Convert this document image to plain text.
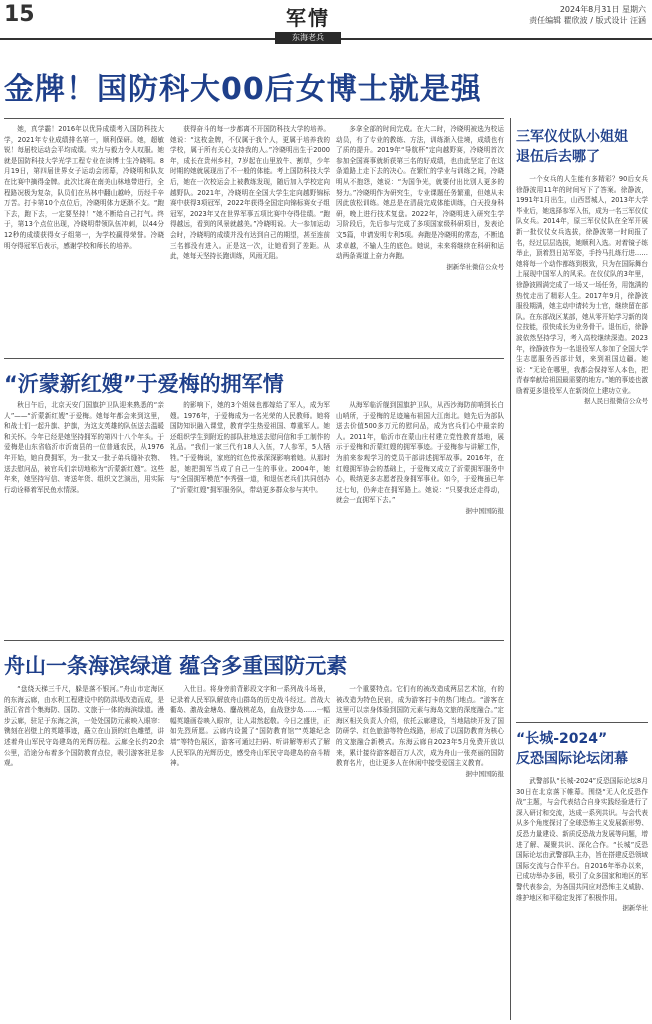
15	军情
东海老兵
2024年8月31日 星期六
责任编辑 瞿欣波 / 版式设计 汪涵
金牌！国防科大00后女博士就是强

她，真学霸！2016年以优异成绩考入国防科技大学，2021年专业成绩排名第一，顺利保研。她，超敏锐！每届校运动会平均成绩。实力与毅力令人叹服。她就是国防科技大学光学工程专业在读博士生冷晓明。8月19日，第四届世界女子运动会闭幕，冷晓明和队友在比赛中摘得金牌。此次比赛在南美山林地带进行，全程路况极为复杂，队员们在丛林中翻山越岭，历经千辛万苦。打卡第10个点位后，冷晓明体力逐渐不支。“跑下去，跑下去，一定要坚持！”她不断给自己打气。终于，第13个点位出现，冷晓明带领队伍冲刺，以44分12秒的成绩获得女子组第一，为学校赢得荣誉。冷晓明夺得冠军后表示，感谢学校和师长的培养。

获得奋斗的每一步都离不开国防科技大学的培养。她说：“这枚金牌，不仅属于我个人，更属于培养我的学校，属于所有关心支持我的人。”冷晓明出生于2000年，成长在贵州乡村，7岁起在山里放牛、割草，少年时期的她就展现出了不一般的体能。考上国防科技大学后，她在一次校运会上被教练发现，随后加入学校定向越野队。2021年，冷晓明在全国大学生定向越野锦标赛中获得3项冠军，2022年获得全国定向锦标赛女子组冠军，2023年又在世界军事五项比赛中夺得佳绩。“跑得越远，看到的风景就越美。”冷晓明说。大一参加运动会时，冷晓明的成绩并没有达到自己的期望，甚至连前三名都没有进入。正是这一次，让她看到了差距。从此，她每天坚持长跑训练，风雨无阻。

多拿全部的时间完成。在大二时，冷晓明被选为校运动员，有了专业的教练、方法，训练渐入佳境，成绩也有了质的提升。2019年“导航杯”定向越野赛，冷晓明首次参加全国赛事就斩获第三名的好成绩，也由此坚定了在这条道路上走下去的决心。在繁忙的学业与训练之间，冷晓明从不抱怨，她说：“为国争光，就要付出比别人更多的努力。”冷晓明作为研究生，专业课题任务繁重，但她从未因此放松训练。她总是在清晨完成体能训练，白天投身科研，晚上进行技术复盘。2022年，冷晓明进入研究生学习阶段后，先后参与完成了多项国家级科研项目，发表论文5篇，申请发明专利5项。奔跑是冷晓明的常态，不断追求卓越，不输人生的底色。她说，未来将继续在科研和运动两条赛道上奋力奔跑。

据新华社微信公众号
“沂蒙新红嫂”于爱梅的拥军情

秋日午后，北京天安门国旗护卫队迎来熟悉的“亲人”——“沂蒙新红嫂”于爱梅。她每年都会来到这里，和战士们一起升旗、护旗，为这支英雄的队伍送去温暖和关怀。今年已经是她坚持拥军的第四十八个年头。于爱梅是山东省临沂市沂南县的一位普通农民，从1976年开始，她自费拥军，为一批又一批子弟兵缝补衣物、送去慰问品，被官兵们亲切地称为“沂蒙新红嫂”。这些年来，她坚持写信、寄送年货、组织文艺演出，用实际行动诠释着军民鱼水情深。

的影响下，她的3个姐妹也都嫁给了军人，成为军嫂。1976年，于爱梅成为一名光荣的人民教师。她将国防知识融入课堂，教育学生热爱祖国、尊重军人。她还组织学生到附近的部队驻地送去慰问信和手工制作的礼品。“我们一家三代有18人入伍，7人参军，5人牺牲。”于爱梅说，家庭的红色传承深深影响着她。从那时起，她把拥军当成了自己一生的事业。2004年，她与“全国拥军模范”李秀强一道，和退伍老兵们共同创办了“沂蒙红嫂”拥军服务队，带动更多群众参与其中。

从海军临沂舰到国旗护卫队，从西沙海防前哨到长白山哨所，于爱梅的足迹遍布祖国大江南北。她先后为部队送去价值500多万元的慰问品，成为官兵们心中最亲的人。2011年，临沂市在蒙山庄村建立党性教育基地，展示于爱梅和沂蒙红嫂的拥军事迹。于爱梅参与讲解工作，为前来参观学习的党员干部讲述拥军故事。2016年，在红嫂拥军协会的基础上，于爱梅又成立了沂蒙拥军服务中心，吸纳更多志愿者投身拥军事业。如今，于爱梅虽已年过七旬，仍奔走在拥军路上。她说：“只要我还走得动，就会一直拥军下去。”

据中国国防报
舟山一条海滨绿道 蕴含多重国防元素

“盘绕天梯三千尺，躲是落不银河。”舟山市定海区的东海云廊，由水利工程建设中的防洪堤改造而成，是浙江省首个集海防、国防、文旅于一体的海滨绿道。漫步云廊，驻足于东海之滨，一处处国防元素映入眼帘：镌刻在岩壁上的英雄事迹，矗立在山顶的红色雕塑，讲述着舟山军民守岛建岛的光辉历程。云廊全长约20余公里，沿途分布着多个国防教育点位，吸引游客驻足参观。

入仕目。将身旁前背影段文字和一系列战斗场景，记录着人民军队解放舟山群岛的历史战斗经过。首战大衢岛、激战金塘岛、鏖战桃花岛，血战登步岛……一幅幅英雄画卷映入眼帘，让人肃然起敬。今日之盛世，正如先烈所愿。云廊内设置了“国防教育馆”“英雄纪念墙”等特色展区，游客可通过扫码、听讲解等形式了解人民军队的光辉历史，感受舟山军民守岛建岛的奋斗精神。

一个重要特点。它们有的被改造成两层艺术馆，有的被改造为特色民宿，成为游客打卡的热门地点。“游客在这里可以亲身体验到国防元素与海岛文旅的深度融合。”定海区相关负责人介绍，依托云廊建设，当地陆续开发了国防研学、红色旅游等特色线路，形成了以国防教育为核心的文旅融合新模式。东海云廊自2023年5月免费开放以来，累计接待游客超百万人次，成为舟山一张亮丽的国防教育名片，也让更多人在休闲中接受爱国主义教育。

据中国国防报
三军仪仗队小姐姐
退伍后去哪了

一个女兵的人生能有多精彩？90后女兵徐静波用11年的时间写下了答案。徐静波，1991年1月出生，山西晋城人，2013年大学毕业后，她选择参军入伍，成为一名三军仪仗队女兵。2014年，原三军仪仗队在全军开展新一批仪仗女兵选拔，徐静波第一时间报了名，经过层层选拔，她顺利入选。对着镜子练举止，顶着烈日站军姿，手拎马扎练行进……她将每一个动作都练到极致，只为在国际舞台上展现中国军人的风采。在仪仗队的3年里，徐静波圆满完成了一场又一场任务，用饱满的热忱走出了精彩人生。2017年9月，徐静波服役期满，她主动申请转为士官，继续留在部队。在东部战区某部，她从零开始学习新的岗位技能，很快成长为业务骨干。退伍后，徐静波依然坚持学习，考入高校继续深造。2023年，徐静波作为一名退役军人参加了全国大学生志愿服务西部计划，来到祖国边疆。她说：“无论在哪里，我都会保持军人本色，把青春奉献给祖国最需要的地方。”她的事迹也激励着更多退役军人在新岗位上建功立业。

据人民日报微信公众号
“长城-2024”
反恐国际论坛闭幕

武警部队“长城-2024”反恐国际论坛8月30日在北京落下帷幕。围绕“无人化反恐作战”主题，与会代表结合自身实践经验进行了深入研讨和交流，达成一系列共识。与会代表从多个角度探讨了全球恐怖主义发展新形势、反恐力量建设、新质反恐战力发展等问题，增进了解、凝聚共识、深化合作。“长城”反恐国际论坛由武警部队主办，旨在搭建反恐领域国际交流与合作平台。自2016年举办以来，已成功举办多届，吸引了众多国家和地区的军警代表参会，为各国共同应对恐怖主义威胁、维护地区和平稳定发挥了积极作用。

据新华社
